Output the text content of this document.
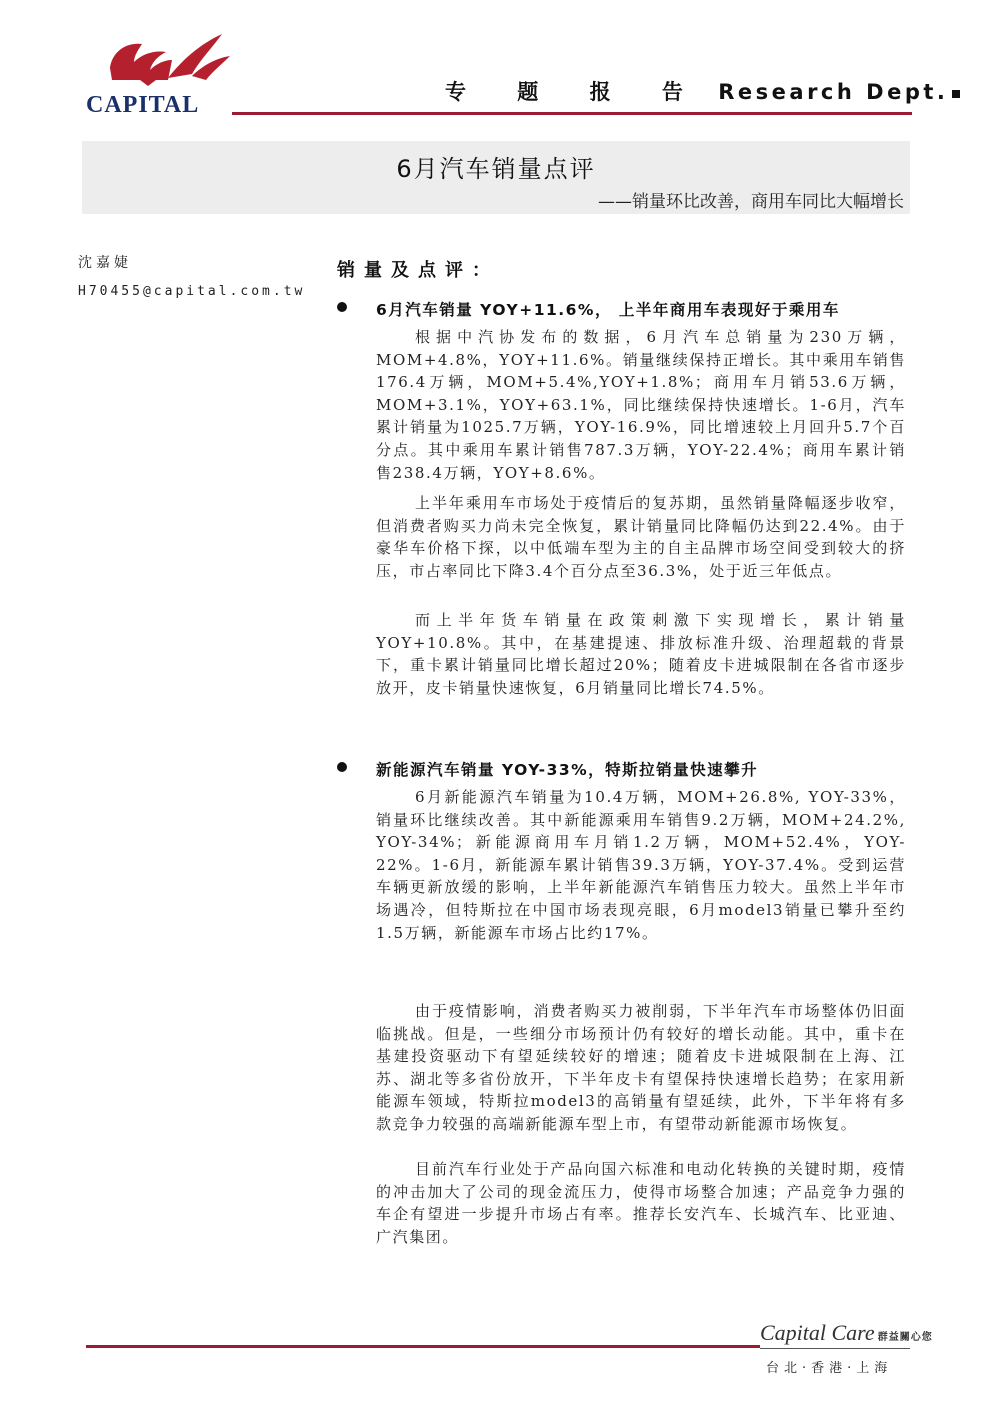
CAPITAL	专 题 报 告 Research Dept.
6月汽车销量点评
——销量环比改善，商用车同比大幅增长
沈嘉婕
H70455@capital.com.tw
销量及点评：
6月汽车销量 YOY+11.6%， 上半年商用车表现好于乘用车

根据中汽协发布的数据，6月汽车总销量为230万辆，MOM+4.8%，YOY+11.6%。销量继续保持正增长。其中乘用车销售176.4万辆，MOM+5.4%,YOY+1.8%；商用车月销53.6万辆，MOM+3.1%，YOY+63.1%，同比继续保持快速增长。1-6月，汽车累计销量为1025.7万辆，YOY-16.9%，同比增速较上月回升5.7个百分点。其中乘用车累计销售787.3万辆，YOY-22.4%；商用车累计销售238.4万辆，YOY+8.6%。

上半年乘用车市场处于疫情后的复苏期，虽然销量降幅逐步收窄，但消费者购买力尚未完全恢复，累计销量同比降幅仍达到22.4%。由于豪华车价格下探，以中低端车型为主的自主品牌市场空间受到较大的挤压，市占率同比下降3.4个百分点至36.3%，处于近三年低点。

而上半年货车销量在政策刺激下实现增长，累计销量YOY+10.8%。其中，在基建提速、排放标准升级、治理超载的背景下，重卡累计销量同比增长超过20%；随着皮卡进城限制在各省市逐步放开，皮卡销量快速恢复，6月销量同比增长74.5%。

新能源汽车销量 YOY-33%，特斯拉销量快速攀升

6月新能源汽车销量为10.4万辆，MOM+26.8%, YOY-33%，销量环比继续改善。其中新能源乘用车销售9.2万辆，MOM+24.2%, YOY-34%；新能源商用车月销1.2万辆，MOM+52.4%，YOY-22%。1-6月，新能源车累计销售39.3万辆，YOY-37.4%。受到运营车辆更新放缓的影响，上半年新能源汽车销售压力较大。虽然上半年市场遇冷，但特斯拉在中国市场表现亮眼，6月model3销量已攀升至约1.5万辆，新能源车市场占比约17%。

由于疫情影响，消费者购买力被削弱，下半年汽车市场整体仍旧面临挑战。但是，一些细分市场预计仍有较好的增长动能。其中，重卡在基建投资驱动下有望延续较好的增速；随着皮卡进城限制在上海、江苏、湖北等多省份放开，下半年皮卡有望保持快速增长趋势；在家用新能源车领域，特斯拉model3的高销量有望延续，此外，下半年将有多款竞争力较强的高端新能源车型上市，有望带动新能源市场恢复。

目前汽车行业处于产品向国六标准和电动化转换的关键时期，疫情的冲击加大了公司的现金流压力，使得市场整合加速；产品竞争力强的车企有望进一步提升市场占有率。推荐长安汽车、长城汽车、比亚迪、广汽集团。

Capital Care 群益關心您
台北·香港·上海
